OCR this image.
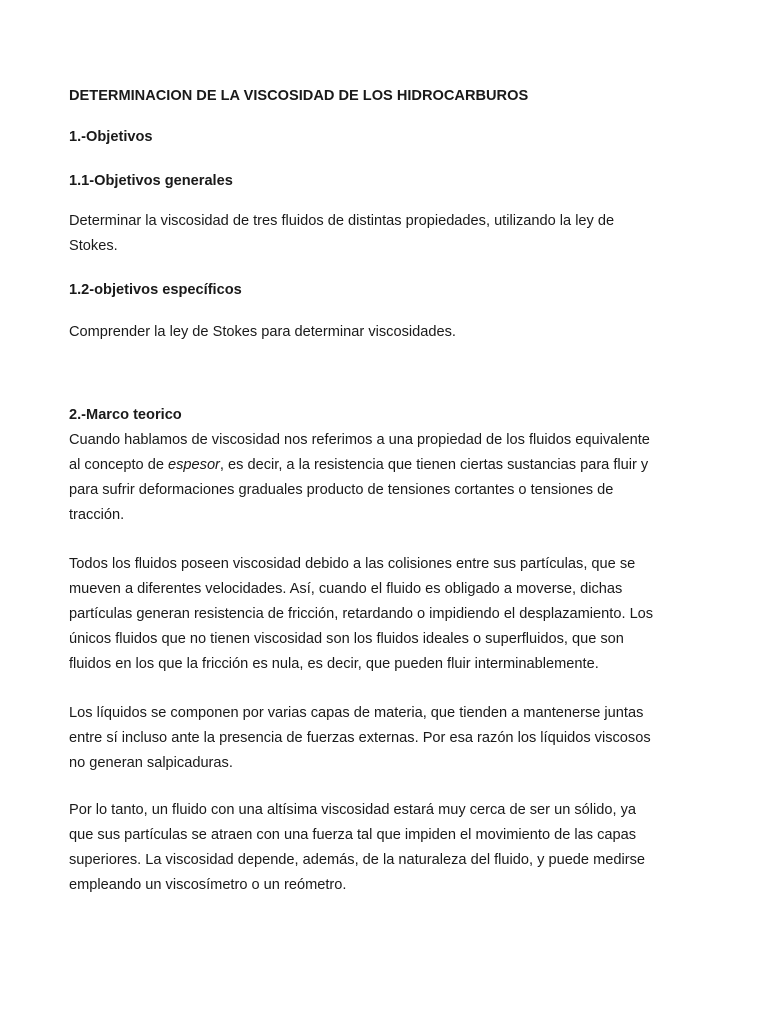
DETERMINACION DE LA VISCOSIDAD DE LOS HIDROCARBUROS
1.-Objetivos
1.1-Objetivos generales
Determinar la viscosidad de tres fluidos de distintas propiedades, utilizando la ley de
Stokes.
1.2-objetivos específicos
Comprender la ley de Stokes para determinar viscosidades.
2.-Marco teorico
Cuando hablamos de viscosidad nos referimos a una propiedad de los fluidos equivalente
al concepto de espesor, es decir, a la resistencia que tienen ciertas sustancias para fluir y
para sufrir deformaciones graduales producto de tensiones cortantes o tensiones de
tracción.
Todos los fluidos poseen viscosidad debido a las colisiones entre sus partículas, que se
mueven a diferentes velocidades. Así, cuando el fluido es obligado a moverse, dichas
partículas generan resistencia de fricción, retardando o impidiendo el desplazamiento. Los
únicos fluidos que no tienen viscosidad son los fluidos ideales o superfluidos, que son
fluidos en los que la fricción es nula, es decir, que pueden fluir interminablemente.
Los líquidos se componen por varias capas de materia, que tienden a mantenerse juntas
entre sí incluso ante la presencia de fuerzas externas. Por esa razón los líquidos viscosos
no generan salpicaduras.
Por lo tanto, un fluido con una altísima viscosidad estará muy cerca de ser un sólido, ya
que sus partículas se atraen con una fuerza tal que impiden el movimiento de las capas
superiores. La viscosidad depende, además, de la naturaleza del fluido, y puede medirse
empleando un viscosímetro o un reómetro.
